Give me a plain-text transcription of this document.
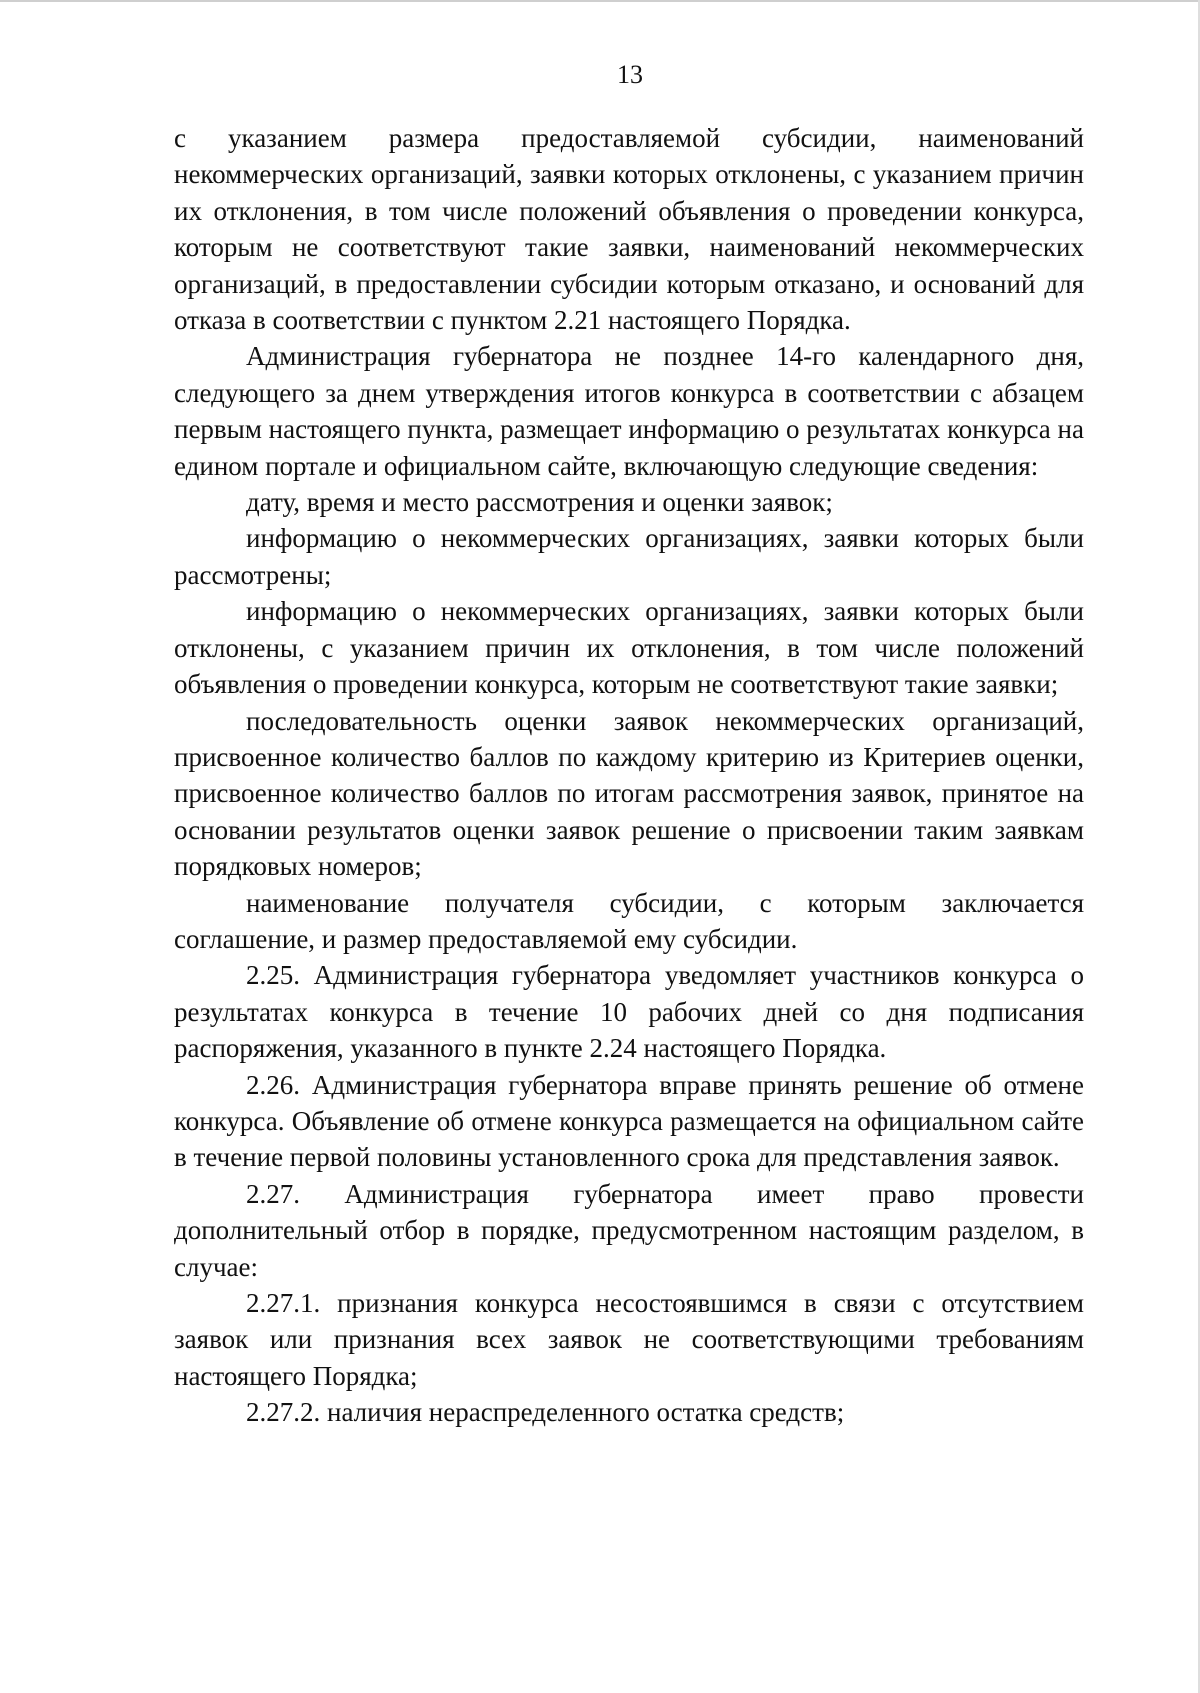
13

с указанием размера предоставляемой субсидии, наименований некоммерческих организаций, заявки которых отклонены, с указанием причин их отклонения, в том числе положений объявления о проведении конкурса, которым не соответствуют такие заявки, наименований некоммерческих организаций, в предоставлении субсидии которым отказано, и оснований для отказа в соответствии с пунктом 2.21 настоящего Порядка.

Администрация губернатора не позднее 14-го календарного дня, следующего за днем утверждения итогов конкурса в соответствии с абзацем первым настоящего пункта, размещает информацию о результатах конкурса на едином портале и официальном сайте, включающую следующие сведения:

дату, время и место рассмотрения и оценки заявок;

информацию о некоммерческих организациях, заявки которых были рассмотрены;

информацию о некоммерческих организациях, заявки которых были отклонены, с указанием причин их отклонения, в том числе положений объявления о проведении конкурса, которым не соответствуют такие заявки;

последовательность оценки заявок некоммерческих организаций, присвоенное количество баллов по каждому критерию из Критериев оценки, присвоенное количество баллов по итогам рассмотрения заявок, принятое на основании результатов оценки заявок решение о присвоении таким заявкам порядковых номеров;

наименование получателя субсидии, с которым заключается соглашение, и размер предоставляемой ему субсидии.

2.25. Администрация губернатора уведомляет участников конкурса о результатах конкурса в течение 10 рабочих дней со дня подписания распоряжения, указанного в пункте 2.24 настоящего Порядка.

2.26. Администрация губернатора вправе принять решение об отмене конкурса. Объявление об отмене конкурса размещается на официальном сайте в течение первой половины установленного срока для представления заявок.

2.27. Администрация губернатора имеет право провести дополнительный отбор в порядке, предусмотренном настоящим разделом, в случае:

2.27.1. признания конкурса несостоявшимся в связи с отсутствием заявок или признания всех заявок не соответствующими требованиям настоящего Порядка;

2.27.2. наличия нераспределенного остатка средств;
